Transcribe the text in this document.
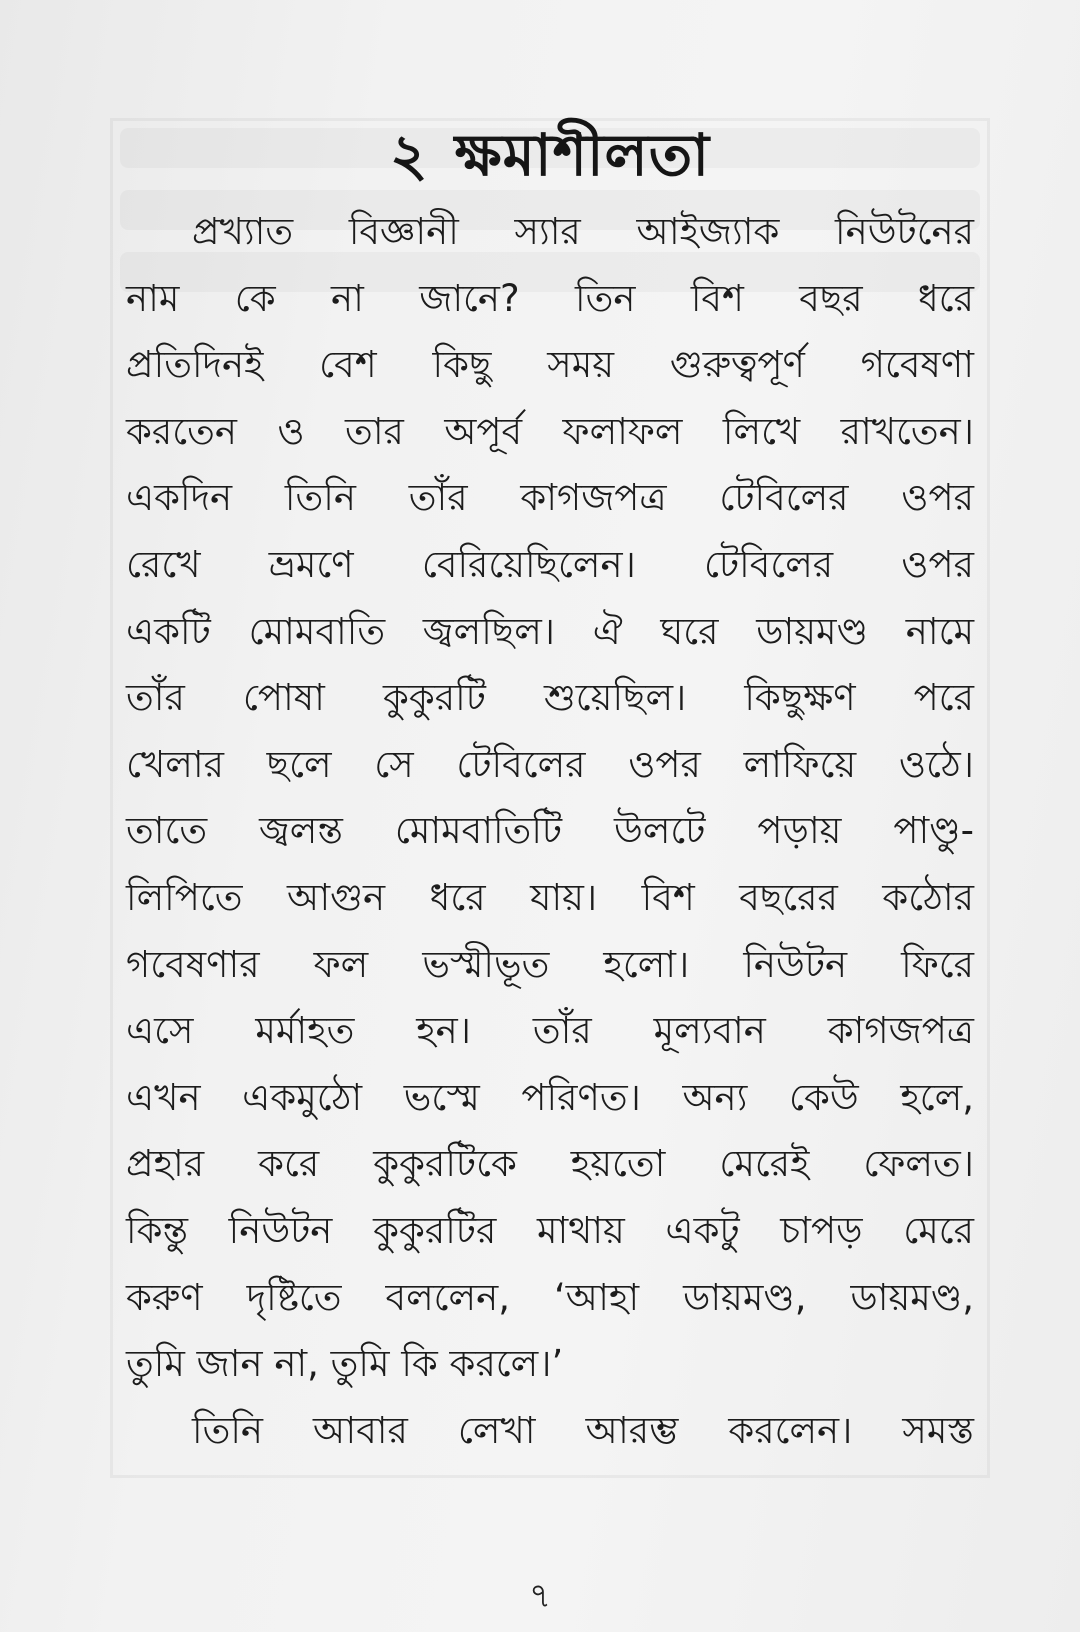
২ ক্ষমাশীলতা
প্রখ্যাত বিজ্ঞানী স্যার আইজ্যাক নিউটনের
নাম কে না জানে? তিন বিশ বছর ধরে
প্রতিদিনই বেশ কিছু সময় গুরুত্বপূর্ণ গবেষণা
করতেন ও তার অপূর্ব ফলাফল লিখে রাখতেন।
একদিন তিনি তাঁর কাগজপত্র টেবিলের ওপর
রেখে ভ্রমণে বেরিয়েছিলেন। টেবিলের ওপর
একটি মোমবাতি জ্বলছিল। ঐ ঘরে ডায়মণ্ড নামে
তাঁর পোষা কুকুরটি শুয়েছিল। কিছুক্ষণ পরে
খেলার ছলে সে টেবিলের ওপর লাফিয়ে ওঠে।
তাতে জ্বলন্ত মোমবাতিটি উলটে পড়ায় পাণ্ডু-
লিপিতে আগুন ধরে যায়। বিশ বছরের কঠোর
গবেষণার ফল ভস্মীভূত হলো। নিউটন ফিরে
এসে মর্মাহত হন। তাঁর মূল্যবান কাগজপত্র
এখন একমুঠো ভস্মে পরিণত। অন্য কেউ হলে,
প্রহার করে কুকুরটিকে হয়তো মেরেই ফেলত।
কিন্তু নিউটন কুকুরটির মাথায় একটু চাপড় মেরে
করুণ দৃষ্টিতে বললেন, ‘আহা ডায়মণ্ড, ডায়মণ্ড,
তুমি জান না, তুমি কি করলে।’
তিনি আবার লেখা আরম্ভ করলেন। সমস্ত
৭
